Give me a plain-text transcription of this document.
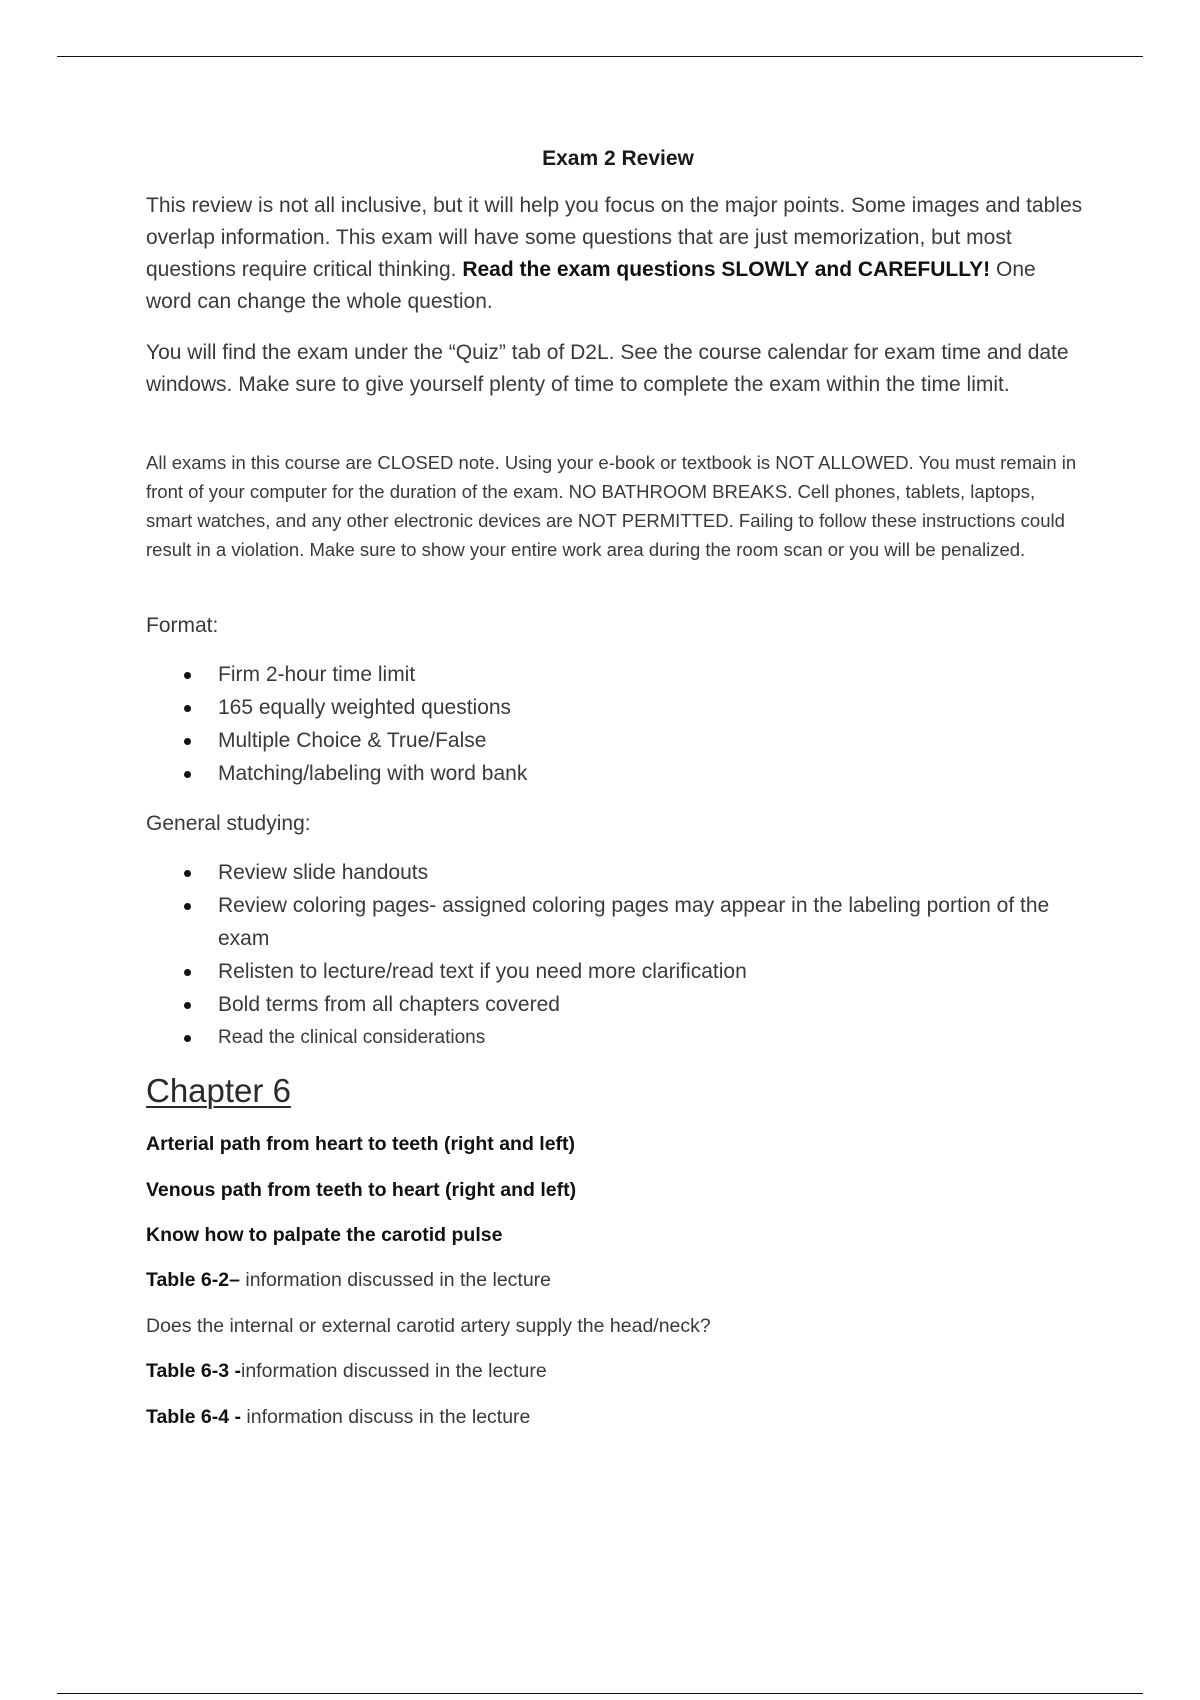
Exam 2 Review

This review is not all inclusive, but it will help you focus on the major points. Some images and tables overlap information. This exam will have some questions that are just memorization, but most questions require critical thinking. Read the exam questions SLOWLY and CAREFULLY! One word can change the whole question.

You will find the exam under the “Quiz” tab of D2L. See the course calendar for exam time and date windows. Make sure to give yourself plenty of time to complete the exam within the time limit.

All exams in this course are CLOSED note. Using your e-book or textbook is NOT ALLOWED. You must remain in front of your computer for the duration of the exam. NO BATHROOM BREAKS. Cell phones, tablets, laptops, smart watches, and any other electronic devices are NOT PERMITTED. Failing to follow these instructions could result in a violation. Make sure to show your entire work area during the room scan or you will be penalized.

Format:

Firm 2-hour time limit
165 equally weighted questions
Multiple Choice & True/False
Matching/labeling with word bank

General studying:

Review slide handouts
Review coloring pages- assigned coloring pages may appear in the labeling portion of the exam
Relisten to lecture/read text if you need more clarification
Bold terms from all chapters covered
Read the clinical considerations
Chapter 6
Arterial path from heart to teeth (right and left)
Venous path from teeth to heart (right and left)
Know how to palpate the carotid pulse
Table 6-2– information discussed in the lecture
Does the internal or external carotid artery supply the head/neck?
Table 6-3 -information discussed in the lecture
Table 6-4 - information discuss in the lecture
